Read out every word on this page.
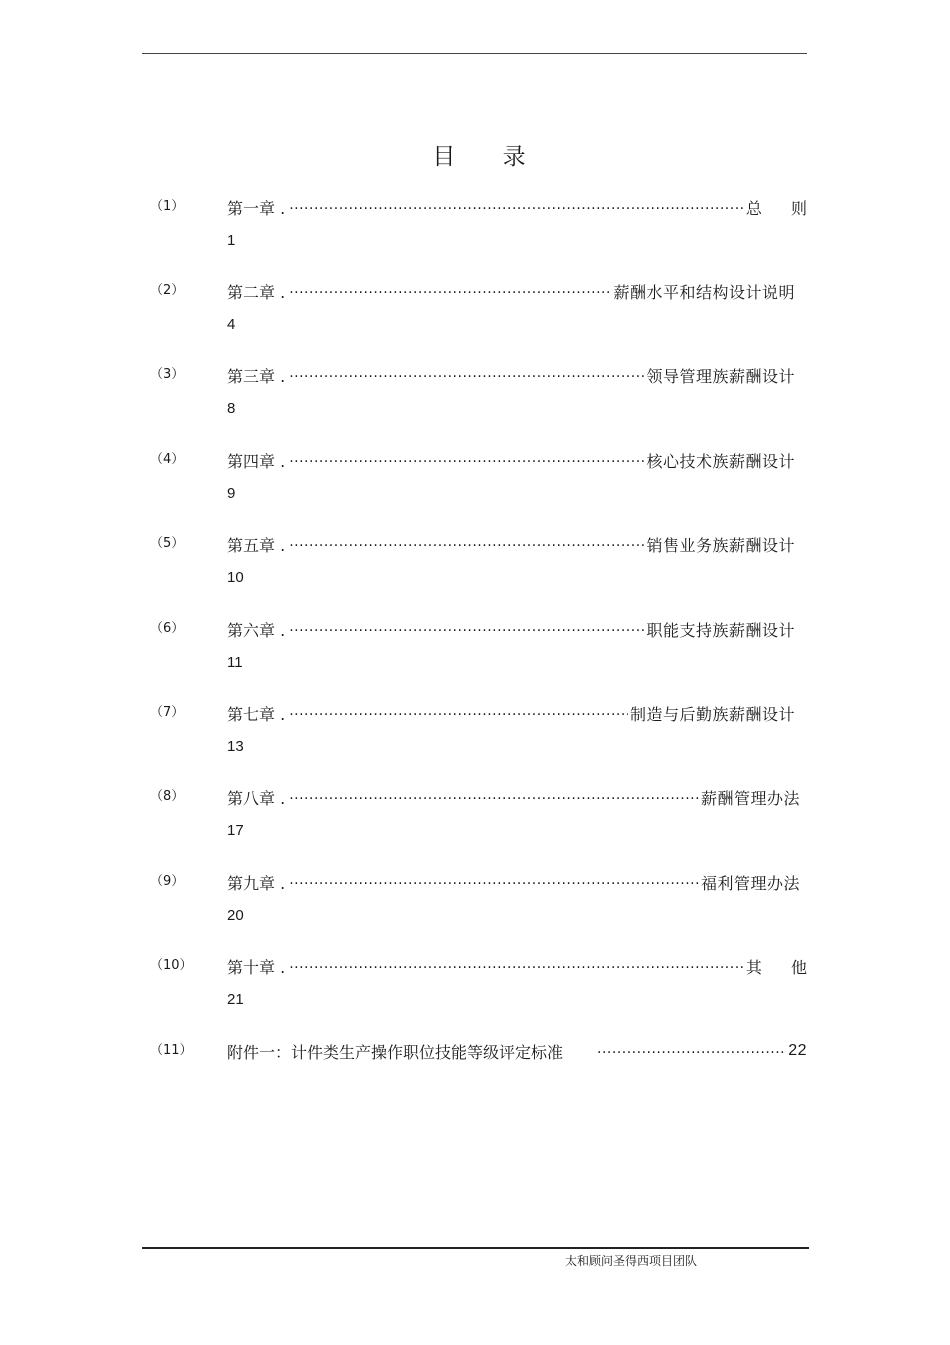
目 录
（1）	第一章 . .....	总 则
1
（2）	第二章 . .....	薪酬水平和结构设计说明
4
（3）	第三章 . .....	领导管理族薪酬设计
8
（4）	第四章 . .....	核心技术族薪酬设计
9
（5）	第五章 . .....	销售业务族薪酬设计
10
（6）	第六章 . .....	职能支持族薪酬设计
11
（7）	第七章 . .....	制造与后勤族薪酬设计
13
（8）	第八章 . .....	薪酬管理办法
17
（9）	第九章 . .....	福利管理办法
20
（10） 第十章 . .....	其 他
21
（11） 附件一：计件类生产操作职位技能等级评定标准 .....	22
太和顾问圣得西项目团队
